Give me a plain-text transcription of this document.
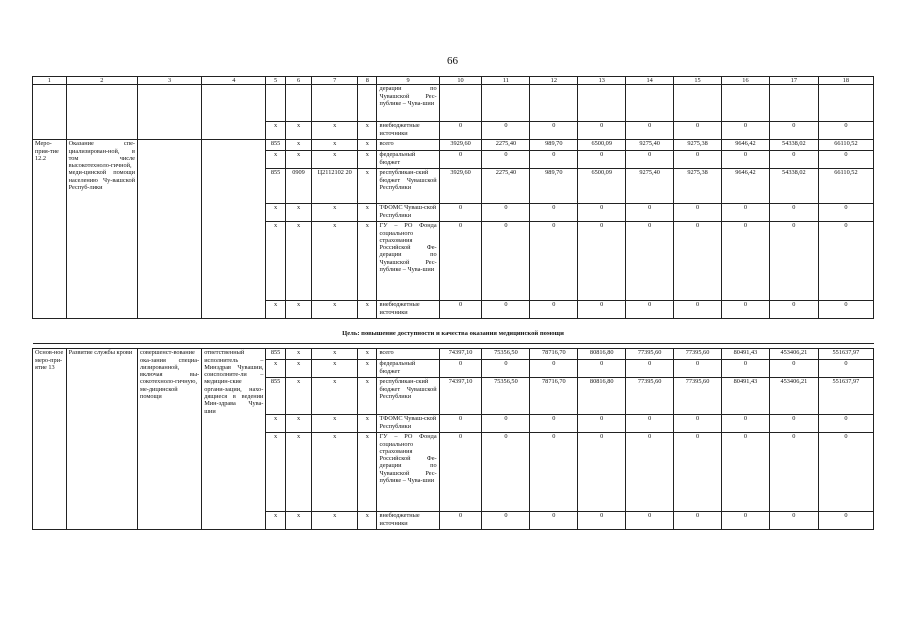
66
1	2	3	4	5	6	7	8	9	10	11	12	13	14	15	16	17	18
								дерации по Чувашской Рес-публике – Чува-шии									
				x	x	x	x	внебюджетные источники	0	0	0	0	0	0	0	0	0
Меро-прия-тие 12.2	Оказание спе-циализирован-ной, в том числе высокотехноло-гичной, меди-цинской помощи населению Чу-вашской Респуб-лики			855	x	x	x	всего	3929,60	2275,40	989,70	6500,09	9275,40	9275,38	9646,42	54338,02	66110,52
				x	x	x	x	федеральный бюджет	0	0	0	0	0	0	0	0	0
				855	0909	Ц2112102 20	x	республикан-ский бюджет Чувашской Республики	3929,60	2275,40	989,70	6500,09	9275,40	9275,38	9646,42	54338,02	66110,52
				x	x	x	x	ТФОМС Чуваш-ской Республики	0	0	0	0	0	0	0	0	0
				x	x	x	x	ГУ – РО Фонда социального страхования Российской Фе-дерации по Чувашской Рес-публике – Чува-шии	0	0	0	0	0	0	0	0	0
				x	x	x	x	внебюджетные источники	0	0	0	0	0	0	0	0	0
Цель: повышение доступности и качества оказания медицинской помощи																	

Основ-ное меро-при-ятие 13	Развитие службы крови	совершенст-вование ока-зания специа-лизированной, включая вы-сокотехноло-гичную, ме-дицинской помощи	ответственный исполнитель – Минздрав Чувашии, соисполните-ли – медицин-ские органи-зации, нахо-дящиеся в ведении Мин-здрава Чува-шии	855	x	x	x	всего	74397,10	75356,50	78716,70	80816,80	77395,60	77395,60	80491,43	453406,21	551637,97
				x	x	x	x	федеральный бюджет	0	0	0	0	0	0	0	0	0
				855	x	x	x	республикан-ский бюджет Чувашской Республики	74397,10	75356,50	78716,70	80816,80	77395,60	77395,60	80491,43	453406,21	551637,97
				x	x	x	x	ТФОМС Чуваш-ской Республики	0	0	0	0	0	0	0	0	0
				x	x	x	x	ГУ – РО Фонда социального страхования Российской Фе-дерации по Чувашской Рес-публике – Чува-шии	0	0	0	0	0	0	0	0	0
				x	x	x	x	внебюджетные источники	0	0	0	0	0	0	0	0	0
